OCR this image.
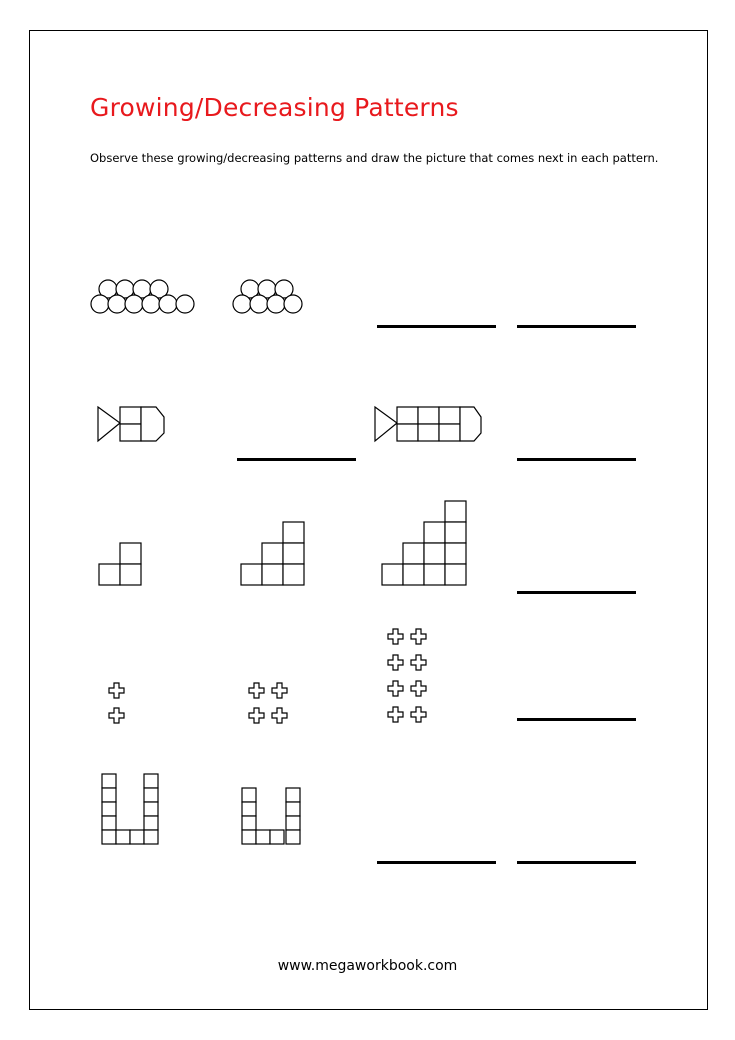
Growing/Decreasing Patterns

Observe these growing/decreasing patterns and draw the picture that comes next in each pattern.

www.megaworkbook.com
